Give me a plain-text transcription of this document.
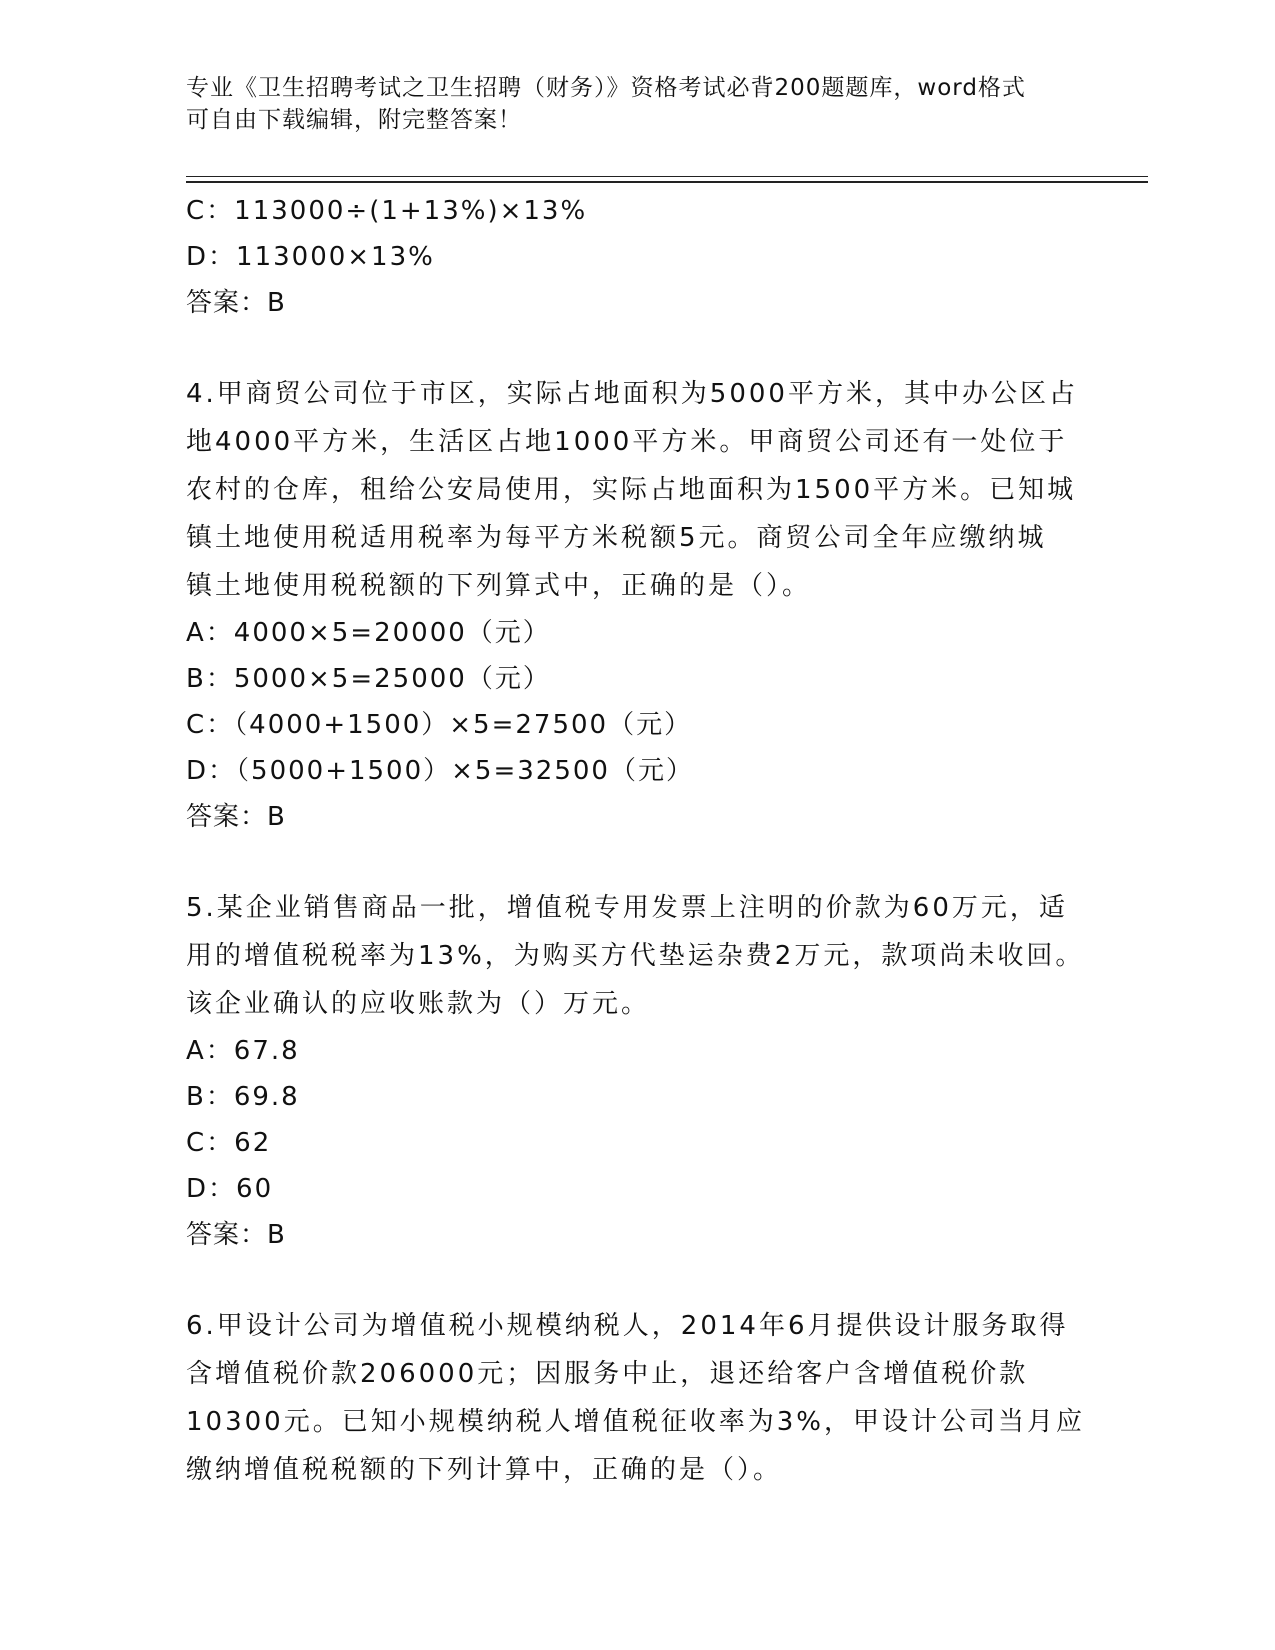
专业《卫生招聘考试之卫生招聘（财务）》资格考试必背200题题库，word格式
可自由下载编辑，附完整答案！
C：113000÷(1+13%)×13%
D：113000×13%
答案：B
4.甲商贸公司位于市区，实际占地面积为5000平方米，其中办公区占
地4000平方米，生活区占地1000平方米。甲商贸公司还有一处位于
农村的仓库，租给公安局使用，实际占地面积为1500平方米。已知城
镇土地使用税适用税率为每平方米税额5元。商贸公司全年应缴纳城
镇土地使用税税额的下列算式中，正确的是（）。
A：4000×5=20000（元）
B：5000×5=25000（元）
C：（4000+1500）×5=27500（元）
D：（5000+1500）×5=32500（元）
答案：B
5.某企业销售商品一批，增值税专用发票上注明的价款为60万元，适
用的增值税税率为13%，为购买方代垫运杂费2万元，款项尚未收回。
该企业确认的应收账款为（）万元。
A：67.8
B：69.8
C：62
D：60
答案：B
6.甲设计公司为增值税小规模纳税人，2014年6月提供设计服务取得
含增值税价款206000元；因服务中止，退还给客户含增值税价款
10300元。已知小规模纳税人增值税征收率为3%，甲设计公司当月应
缴纳增值税税额的下列计算中，正确的是（）。
